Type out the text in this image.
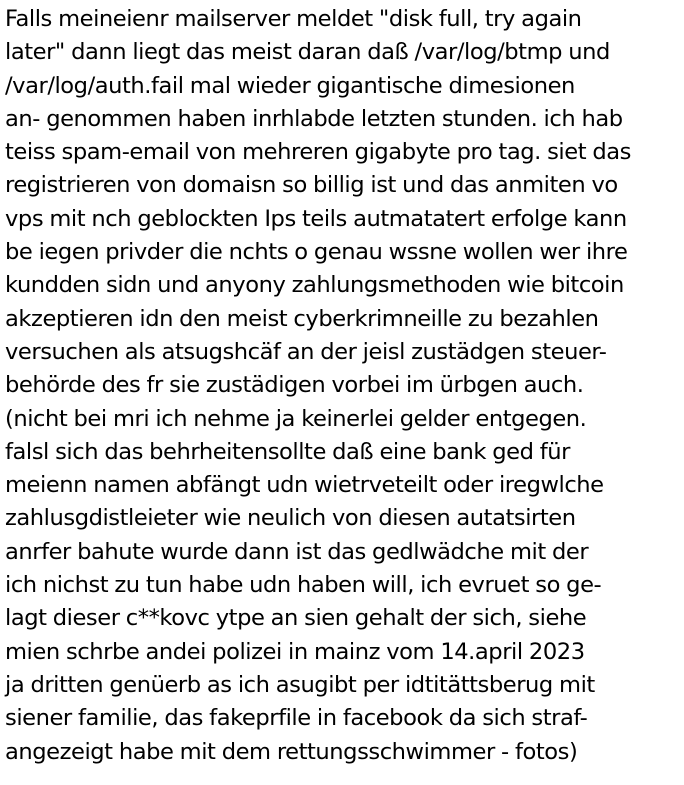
Falls meineienr mailserver meldet "disk full, try again
later" dann liegt das meist daran daß /var/log/btmp und
/var/log/auth.fail mal wieder gigantische dimesionen
an- genommen haben inrhlabde letzten stunden. ich hab
teiss spam-email von mehreren gigabyte pro tag. siet das
registrieren von domaisn so billig ist und das anmiten vo
vps mit nch geblockten Ips teils autmatatert erfolge kann
be iegen privder die nchts o genau wssne wollen wer ihre
kundden sidn und anyony zahlungsmethoden wie bitcoin
akzeptieren idn den meist cyberkrimneille zu bezahlen
versuchen als atsugshcäf an der jeisl zustädgen steuer-
behörde des fr sie zustädigen vorbei im ürbgen auch.
(nicht bei mri ich nehme ja keinerlei gelder entgegen.
falsl sich das behrheitensollte daß eine bank ged für
meienn namen abfängt udn wietrveteilt oder iregwlche
zahlusgdistleieter wie neulich von diesen autatsirten
anrfer bahute wurde dann ist das gedlwädche mit der
ich nichst zu tun habe udn haben will, ich evruet so ge-
lagt dieser c**kovc ytpe an sien gehalt der sich, siehe
mien schrbe andei polizei in mainz vom 14.april 2023
ja dritten genüerb as ich asugibt per idtitättsberug mit
siener familie, das fakeprfile in facebook da sich straf-
angezeigt habe mit dem rettungsschwimmer - fotos)
